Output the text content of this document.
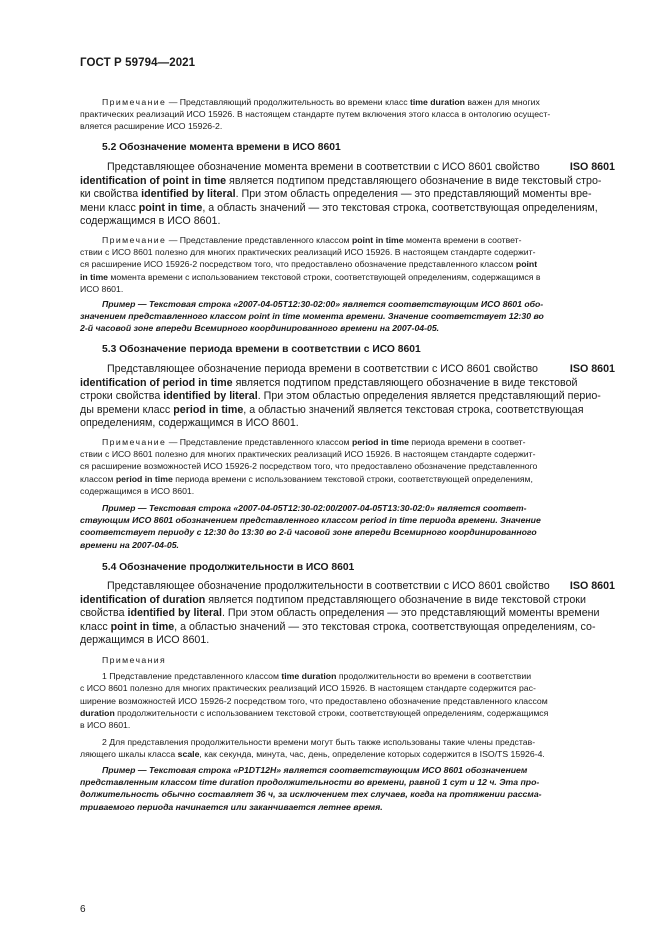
ГОСТ Р 59794—2021
Примечание — Представляющий продолжительность во времени класс time duration важен для многих
практических реализаций ИСО 15926. В настоящем стандарте путем включения этого класса в онтологию осущест-
вляется расширение ИСО 15926-2.
5.2 Обозначение момента времени в ИСО 8601
Представляющее обозначение момента времени в соответствии с ИСО 8601 свойство	ISO 8601
identification of point in time является подтипом представляющего обозначение в виде текстовый стро-
ки свойства identified by literal. При этом область определения — это представляющий моменты вре-
мени класс point in time, а область значений — это текстовая строка, соответствующая определениям,
содержащимся в ИСО 8601.
Примечание — Представление представленного классом point in time момента времени в соответ-
ствии с ИСО 8601 полезно для многих практических реализаций ИСО 15926. В настоящем стандарте содержит-
ся расширение ИСО 15926-2 посредством того, что предоставлено обозначение представленного классом point
in time момента времени с использованием текстовой строки, соответствующей определениям, содержащимся в
ИСО 8601.
Пример — Текстовая строка «2007-04-05T12:30-02:00» является соответствующим ИСО 8601 обо-
значением представленного классом point in time момента времени. Значение соответствует 12:30 во
2-й часовой зоне впереди Всемирного координированного времени на 2007-04-05.
5.3 Обозначение периода времени в соответствии с ИСО 8601
Представляющее обозначение периода времени в соответствии с ИСО 8601 свойство	ISO 8601
identification of period in time является подтипом представляющего обозначение в виде текстовой
строки свойства identified by literal. При этом областью определения является представляющий перио-
ды времени класс period in time, а областью значений является текстовая строка, соответствующая
определениям, содержащимся в ИСО 8601.
Примечание — Представление представленного классом period in time периода времени в соответ-
ствии с ИСО 8601 полезно для многих практических реализаций ИСО 15926. В настоящем стандарте содержит-
ся расширение возможностей ИСО 15926-2 посредством того, что предоставлено обозначение представленного
классом period in time периода времени с использованием текстовой строки, соответствующей определениям,
содержащимся в ИСО 8601.
Пример — Текстовая строка «2007-04-05T12:30-02:00/2007-04-05T13:30-02:0» является соответ-
ствующим ИСО 8601 обозначением представленного классом period in time периода времени. Значение
соответствует периоду с 12:30 до 13:30 во 2-й часовой зоне впереди Всемирного координированного
времени на 2007-04-05.
5.4 Обозначение продолжительности в ИСО 8601
Представляющее обозначение продолжительности в соответствии с ИСО 8601 свойство ISO 8601
identification of duration является подтипом представляющего обозначение в виде текстовой строки
свойства identified by literal. При этом область определения — это представляющий моменты времени
класс point in time, а областью значений — это текстовая строка, соответствующая определениям, со-
держащимся в ИСО 8601.
Примечания
1 Представление представленного классом time duration продолжительности во времени в соответствии
с ИСО 8601 полезно для многих практических реализаций ИСО 15926. В настоящем стандарте содержится рас-
ширение возможностей ИСО 15926-2 посредством того, что предоставлено обозначение представленного классом
duration продолжительности с использованием текстовой строки, соответствующей определениям, содержащимся
в ИСО 8601.
2 Для представления продолжительности времени могут быть также использованы такие члены представ-
ляющего шкалы класса scale, как секунда, минута, час, день, определение которых содержится в ISO/TS 15926-4.
Пример — Текстовая строка «P1DT12H» является соответствующим ИСО 8601 обозначением
представленным классом time duration продолжительности во времени, равной 1 сут и 12 ч. Эта про-
должительность обычно составляет 36 ч, за исключением тех случаев, когда на протяжении рассма-
триваемого периода начинается или заканчивается летнее время.
6
